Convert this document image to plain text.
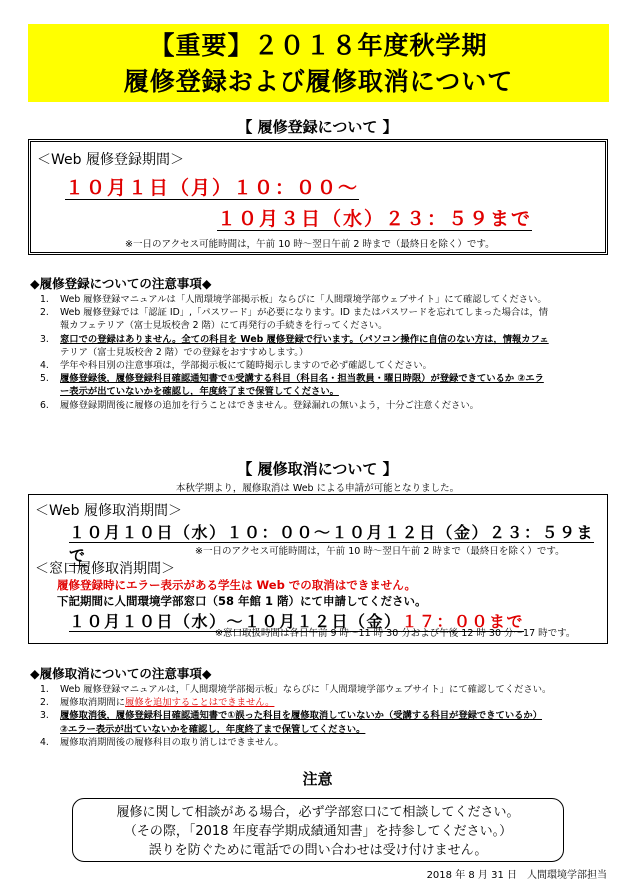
【重要】２０１８年度秋学期
履修登録および履修取消について
【 履修登録について 】
＜Web 履修登録期間＞
１０月１日（月）１０：００～
１０月３日（水）２３：５９まで
※一日のアクセス可能時間は，午前 10 時～翌日午前 2 時まで（最終日を除く）です。
◆履修登録についての注意事項◆
1. Web 履修登録マニュアルは「人間環境学部掲示板」ならびに「人間環境学部ウェブサイト」にて確認してください。
2. Web 履修登録では「認証 ID」,「パスワード」が必要になります。ID またはパスワードを忘れてしまった場合は，情
報カフェテリア（富士見坂校舎 2 階）にて再発行の手続きを行ってください。
3. 窓口での登録はありません。全ての科目を Web 履修登録で行います。（パソコン操作に自信のない方は，情報カフェ
テリア（富士見坂校舎 2 階）での登録をおすすめします。）
4. 学年や科目別の注意事項は，学部掲示板にて随時掲示しますので必ず確認してください。
5. 履修登録後，履修登録科目確認通知書で①受講する科目（科目名・担当教員・曜日時限）が登録できているか ②エラ
ー表示が出ていないかを確認し，年度終了まで保管してください。
6. 履修登録期間後に履修の追加を行うことはできません。登録漏れの無いよう，十分ご注意ください。
【 履修取消について 】
本秋学期より，履修取消は Web による申請が可能となりました。
＜Web 履修取消期間＞
１０月１０日（水）１０：００～１０月１２日（金）２３：５９まで	※一日のアクセス可能時間は，午前 10 時～翌日午前 2 時まで（最終日を除く）です。
＜窓口履修取消期間＞
履修登録時にエラー表示がある学生は Web での取消はできません。
下記期間に人間環境学部窓口（58 年館 1 階）にて申請してください。
１０月１０日（水）～１０月１２日（金）１７：００まで
※窓口取扱時間は各日午前 9 時～11 時 30 分および午後 12 時 30 分～17 時です。
◆履修取消についての注意事項◆
1. Web 履修登録マニュアルは，「人間環境学部掲示板」ならびに「人間環境学部ウェブサイト」にて確認してください。
2. 履修取消期間に履修を追加することはできません。
3. 履修取消後，履修登録科目確認通知書で①誤った科目を履修取消していないか（受講する科目が登録できているか）
②エラー表示が出ていないかを確認し，年度終了まで保管してください。
4. 履修取消期間後の履修科目の取り消しはできません。
注意
履修に関して相談がある場合，必ず学部窓口にて相談してください。
（その際，「2018 年度春学期成績通知書」を持参してください。）
誤りを防ぐために電話での問い合わせは受け付けません。
2018 年 8 月 31 日　人間環境学部担当
